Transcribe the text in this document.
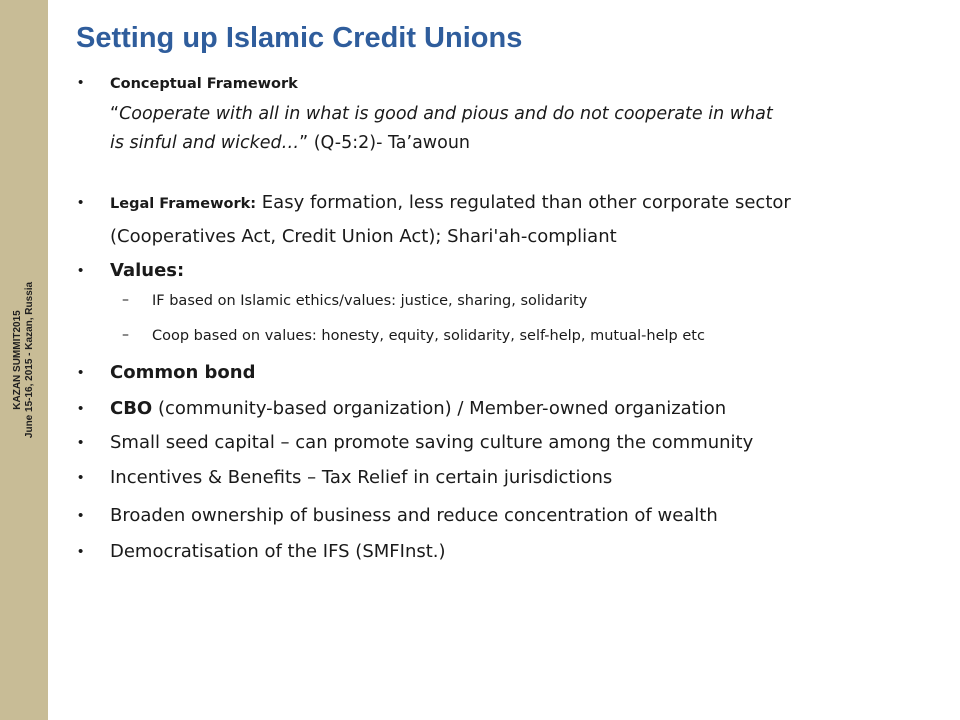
KAZAN SUMMIT2015 June 15-16, 2015 - Kazan, Russia
Setting up Islamic Credit Unions
• Conceptual Framework
“Cooperate with all in what is good and pious and do not cooperate in what
is sinful and wicked…” (Q-5:2)- Ta’awoun
• Legal Framework: Easy formation, less regulated than other corporate sector
(Cooperatives Act, Credit Union Act); Shari'ah-compliant
• Values:
– IF based on Islamic ethics/values: justice, sharing, solidarity
– Coop based on values: honesty, equity, solidarity, self-help, mutual-help etc
• Common bond
• CBO (community-based organization) / Member-owned organization
• Small seed capital – can promote saving culture among the community
• Incentives & Benefits – Tax Relief in certain jurisdictions
• Broaden ownership of business and reduce concentration of wealth
• Democratisation of the IFS (SMFInst.)
